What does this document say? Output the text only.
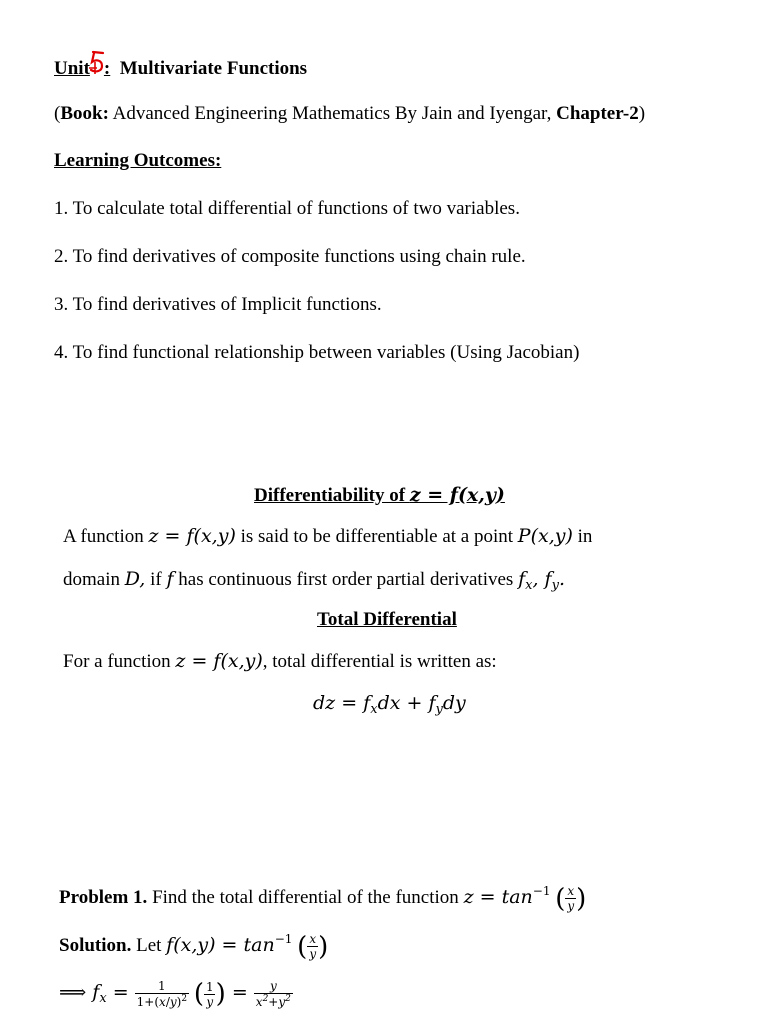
Unit : Multivariate Functions
(Book: Advanced Engineering Mathematics By Jain and Iyengar, Chapter-2)
Learning Outcomes:
1. To calculate total differential of functions of two variables.
2. To find derivatives of composite functions using chain rule.
3. To find derivatives of Implicit functions.
4. To find functional relationship between variables (Using Jacobian)
Differentiability of z = f(x,y)
A function z = f(x,y) is said to be differentiable at a point P(x,y) in
domain D, if f has continuous first order partial derivatives $f_x$, $f_y$.
Total Differential
For a function z = f(x,y), total differential is written as:
dz = $f_xdx + f_ydy$
Problem 1. Find the total differential of the function $z = \tan^{-1}$ ( $\frac{x}{y}$ )
Solution. Let $f(x,y) = \tan^{-1}$ ( $\frac{x}{y}$ )
⟹ $f_x = \frac{1}{1+(x/y)^2}$ ( $\frac{1}{y}$ ) = $\frac{y}{x^2+y^2}$
